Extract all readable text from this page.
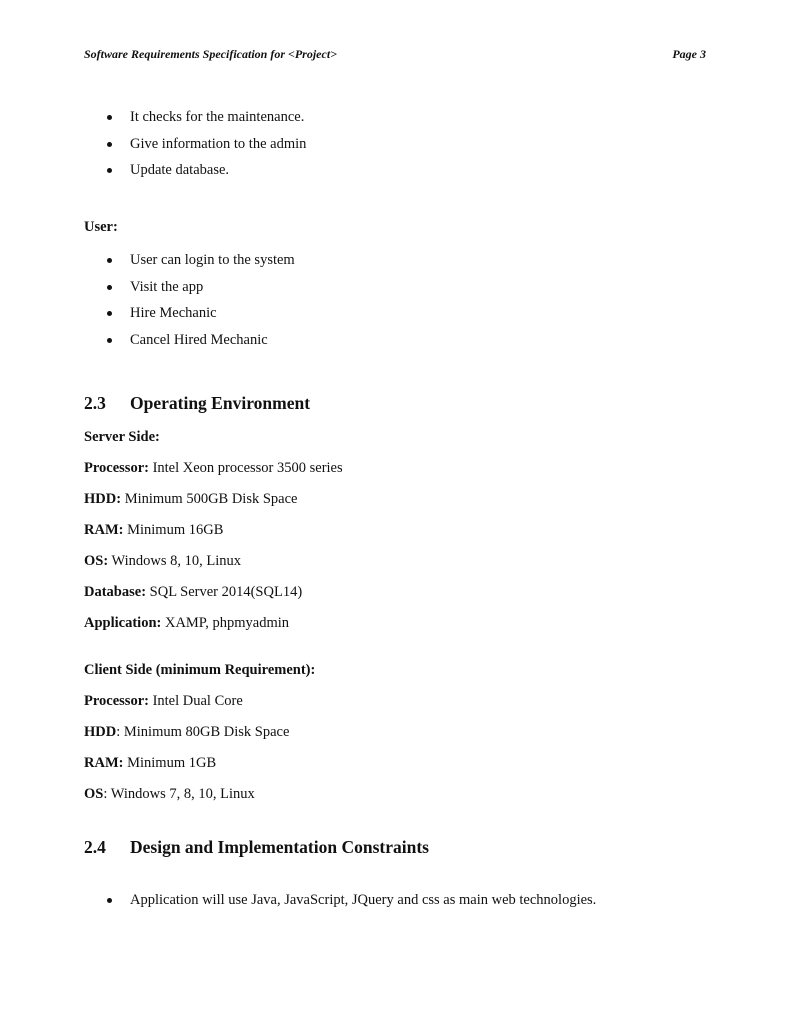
Software Requirements Specification for <Project>	Page 3
It checks for the maintenance.
Give information to the admin
Update database.
User:
User can login to the system
Visit the app
Hire Mechanic
Cancel Hired Mechanic
2.3 Operating Environment
Server Side:
Processor: Intel Xeon processor 3500 series
HDD: Minimum 500GB Disk Space
RAM: Minimum 16GB
OS: Windows 8, 10, Linux
Database: SQL Server 2014(SQL14)
Application: XAMP, phpmyadmin
Client Side (minimum Requirement):
Processor: Intel Dual Core
HDD: Minimum 80GB Disk Space
RAM: Minimum 1GB
OS: Windows 7, 8, 10, Linux
2.4 Design and Implementation Constraints
Application will use Java, JavaScript, JQuery and css as main web technologies.
